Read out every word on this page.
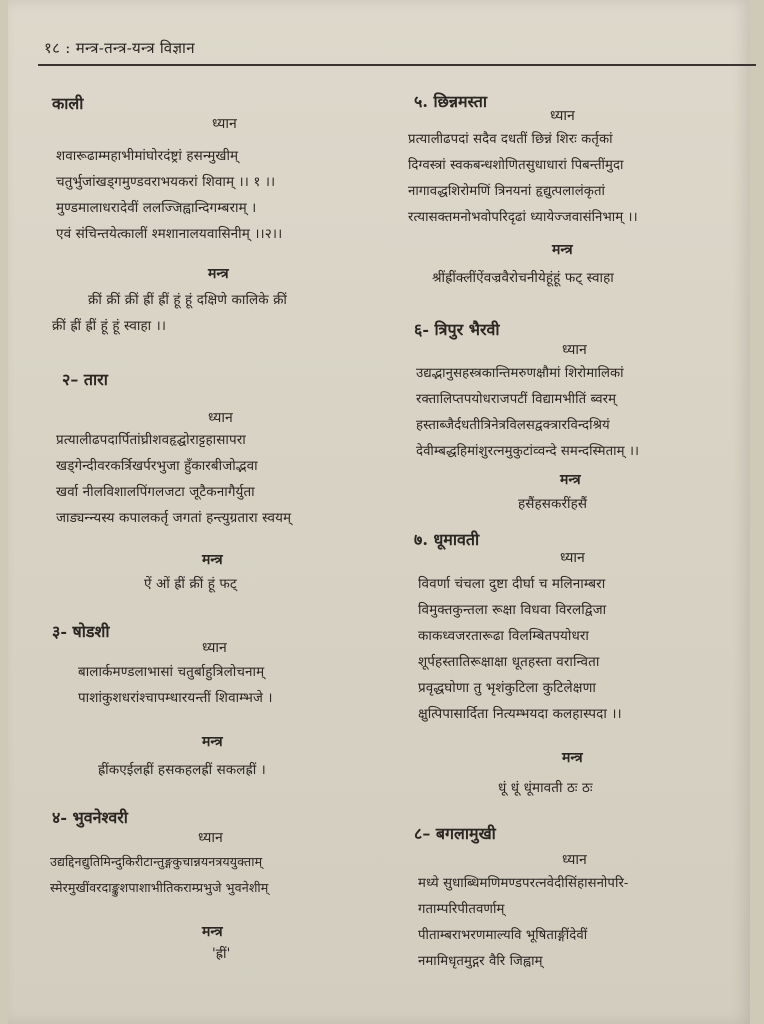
१८ : मन्त्र-तन्त्र-यन्त्र विज्ञान
काली
ध्यान
शवारूढाम्महाभीमांघोरदंष्ट्रां हसन्मुखीम्
चतुर्भुजांखड्गमुण्डवराभयकरां शिवाम् ।। १ ।।
मुण्डमालाधरादेवीं ललज्जिह्वान्दिगम्बराम् ।
एवं संचिन्तयेत्कालीं श्मशानालयवासिनीम् ।।२।।
मन्त्र
क्रीं क्रीं क्रीं ह्रीं ह्रीं हूं हूं दक्षिणे कालिके क्रीं
क्रीं ह्रीं ह्रीं हूं हूं स्वाहा ।।
२– तारा
ध्यान
प्रत्यालीढपदार्पितांघ्रीशवहृद्घोराट्टहासापरा
खड्गेन्दीवरकर्त्रिखर्परभुजा हुँकारबीजोद्भवा
खर्वा नीलविशालपिंगलजटा जूटैकनागैर्युता
जाड्यन्न्यस्य कपालकर्तृ जगतां हन्त्युग्रतारा स्वयम्
मन्त्र
ऐं ओं ह्रीं क्रीं हूं फट्
३- षोडशी
ध्यान
बालार्कमण्डलाभासां चतुर्बाहुत्रिलोचनाम्
पाशांकुशधरांश्चापम्धारयन्तीं शिवाम्भजे ।
मन्त्र
ह्रींकएईलह्रीं हसकहलह्रीं सकलह्रीं ।
४- भुवनेश्वरी
ध्यान
उद्यद्दिनद्युतिमिन्दुकिरीटान्तुङ्गकुचान्नयनत्रययुक्ताम्
स्मेरमुखींवरदाङ्कुशपाशाभीतिकराम्प्रभुजे भुवनेशीम्
मन्त्र
'ह्रीं'
५. छिन्नमस्ता
ध्यान
प्रत्यालीढपदां सदैव दधतीं छिन्नं शिरः कर्तृकां
दिग्वस्त्रां स्वकबन्धशोणितसुधाधारां पिबन्तींमुदा
नागावद्धशिरोमणिं त्रिनयनां हृद्युत्पलालंकृतां
रत्यासक्तमनोभवोपरिदृढां ध्यायेज्जवासंनिभाम् ।।
मन्त्र
श्रींह्रींक्लींऐंवज्रवैरोचनीयेहूंहूं फट् स्वाहा
६- त्रिपुर भैरवी
ध्यान
उद्यद्भानुसहस्त्रकान्तिमरुणक्षौमां शिरोमालिकां
रक्तालिप्तपयोधराजपटीं विद्यामभीतिं ब्वरम्
हस्ताब्जैर्दधतीत्रिनेत्रविलसद्वक्त्रारविन्दश्रियं
देवीम्बद्धहिमांशुरत्नमुकुटांव्वन्दे समन्दस्मिताम् ।।
मन्त्र
हसैंहसकरींहसैं
७. धूमावती
ध्यान
विवर्णा चंचला दुष्टा दीर्घा च मलिनाम्बरा
विमुक्तकुन्तला रूक्षा विधवा विरलद्विजा
काकध्वजरतारूढा विलम्बितपयोधरा
शूर्पहस्तातिरूक्षाक्षा धूतहस्ता वरान्विता
प्रवृद्धघोणा तु भृशंकुटिला कुटिलेक्षणा
क्षुत्पिपासार्दिता नित्यम्भयदा कलहास्पदा ।।
मन्त्र
धूं धूं धूंमावती ठः ठः
८– बगलामुखी
ध्यान
मध्ये सुधाब्धिमणिमण्डपरत्नवेदीसिंहासनोपरि-
गताम्परिपीतवर्णाम्
पीताम्बराभरणमाल्यवि भूषिताङ्गींदेवीं
नमामिधृतमुद्गर वैरि जिह्वाम्
